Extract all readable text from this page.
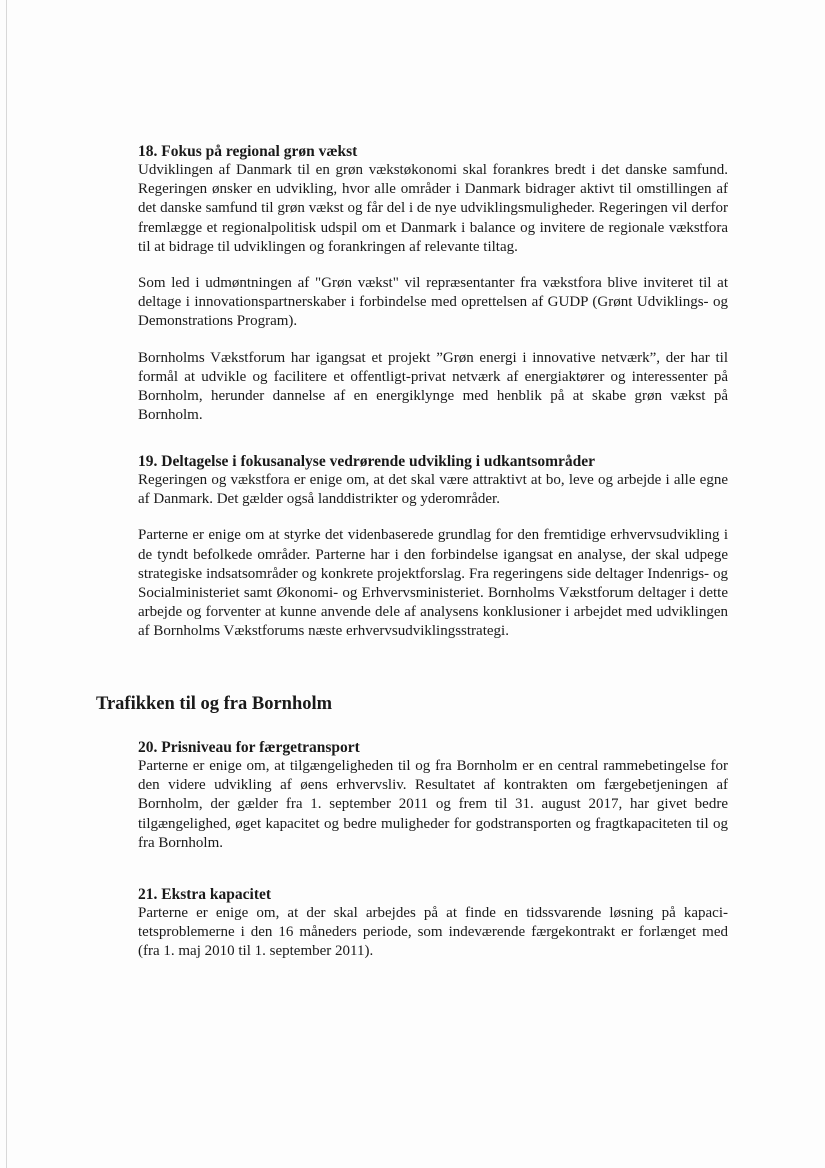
18. Fokus på regional grøn vækst

Udviklingen af Danmark til en grøn vækstøkonomi skal forankres bredt i det danske samfund. Regeringen ønsker en udvikling, hvor alle områder i Danmark bidrager aktivt til omstillingen af det danske samfund til grøn vækst og får del i de nye udviklingsmuligheder. Regeringen vil derfor fremlægge et regionalpolitisk udspil om et Danmark i balance og invitere de regionale vækstfora til at bidrage til udviklingen og forankringen af relevante tiltag.

Som led i udmøntningen af "Grøn vækst" vil repræsentanter fra vækstfora blive inviteret til at deltage i innovationspartnerskaber i forbindelse med oprettelsen af GUDP (Grønt Udviklings- og Demonstrations Program).

Bornholms Vækstforum har igangsat et projekt ”Grøn energi i innovative netværk”, der har til formål at udvikle og facilitere et offentligt-privat netværk af energiaktører og interessenter på Bornholm, herunder dannelse af en energiklynge med henblik på at skabe grøn vækst på Bornholm.

19. Deltagelse i fokusanalyse vedrørende udvikling i udkantsområder

Regeringen og vækstfora er enige om, at det skal være attraktivt at bo, leve og arbejde i alle egne af Danmark. Det gælder også landdistrikter og yderområder.

Parterne er enige om at styrke det videnbaserede grundlag for den fremtidige erhvervsudvikling i de tyndt befolkede områder. Parterne har i den forbindelse igangsat en analyse, der skal udpege strategiske indsatsområder og konkrete projektforslag. Fra regeringens side deltager Indenrigs- og Socialministeriet samt Økonomi- og Erhvervsministeriet. Bornholms Vækstforum deltager i dette arbejde og forventer at kunne anvende dele af analysens konklusioner i arbejdet med udviklingen af Bornholms Vækstforums næste erhvervsudviklingsstrategi.

Trafikken til og fra Bornholm
20. Prisniveau for færgetransport

Parterne er enige om, at tilgængeligheden til og fra Bornholm er en central rammebetingelse for den videre udvikling af øens erhvervsliv. Resultatet af kontrakten om færgebetjeningen af Bornholm, der gælder fra 1. september 2011 og frem til 31. august 2017, har givet bedre tilgængelighed, øget kapacitet og bedre muligheder for godstransporten og fragtkapaciteten til og fra Bornholm.

21. Ekstra kapacitet

Parterne er enige om, at der skal arbejdes på at finde en tidssvarende løsning på kapacitetsproblemerne i den 16 måneders periode, som indeværende færgekontrakt er forlænget med (fra 1. maj 2010 til 1. september 2011).
